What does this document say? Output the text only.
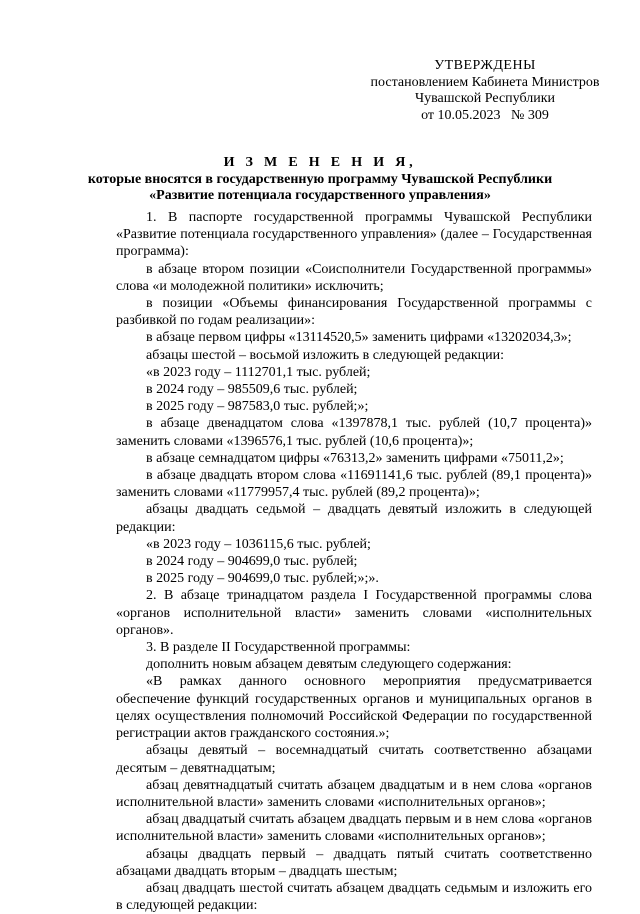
УТВЕРЖДЕНЫ
постановлением Кабинета Министров
Чувашской Республики
от 10.05.2023   № 309
И З М Е Н Е Н И Я,
которые вносятся в государственную программу Чувашской Республики
«Развитие потенциала государственного управления»

1. В паспорте государственной программы Чувашской Республики «Развитие потенциала государственного управления» (далее – Государственная программа):

в абзаце втором позиции «Соисполнители Государственной программы» слова «и молодежной политики» исключить;

в позиции «Объемы финансирования Государственной программы с разбивкой по годам реализации»:

в абзаце первом цифры «13114520,5» заменить цифрами «13202034,3»;

абзацы шестой – восьмой изложить в следующей редакции:

«в 2023 году – 1112701,1 тыс. рублей;

в 2024 году – 985509,6 тыс. рублей;

в 2025 году – 987583,0 тыс. рублей;»;

в абзаце двенадцатом слова «1397878,1 тыс. рублей (10,7 процента)» заменить словами «1396576,1 тыс. рублей (10,6 процента)»;

в абзаце семнадцатом цифры «76313,2» заменить цифрами «75011,2»;

в абзаце двадцать втором слова «11691141,6 тыс. рублей (89,1 процента)» заменить словами «11779957,4 тыс. рублей (89,2 процента)»;

абзацы двадцать седьмой – двадцать девятый изложить в следующей редакции:

«в 2023 году – 1036115,6 тыс. рублей;

в 2024 году – 904699,0 тыс. рублей;

в 2025 году – 904699,0 тыс. рублей;»;».

2. В абзаце тринадцатом раздела I Государственной программы слова «органов исполнительной власти» заменить словами «исполнительных органов».

3. В разделе II Государственной программы:

дополнить новым абзацем девятым следующего содержания:

«В рамках данного основного мероприятия предусматривается обеспечение функций государственных органов и муниципальных органов в целях осуществления полномочий Российской Федерации по государственной регистрации актов гражданского состояния.»;

абзацы девятый – восемнадцатый считать соответственно абзацами десятым – девятнадцатым;

абзац девятнадцатый считать абзацем двадцатым и в нем слова «органов исполнительной власти» заменить словами «исполнительных органов»;

абзац двадцатый считать абзацем двадцать первым и в нем слова «органов исполнительной власти» заменить словами «исполнительных органов»;

абзацы двадцать первый – двадцать пятый считать соответственно абзацами двадцать вторым – двадцать шестым;

абзац двадцать шестой считать абзацем двадцать седьмым и изложить его в следующей редакции:
